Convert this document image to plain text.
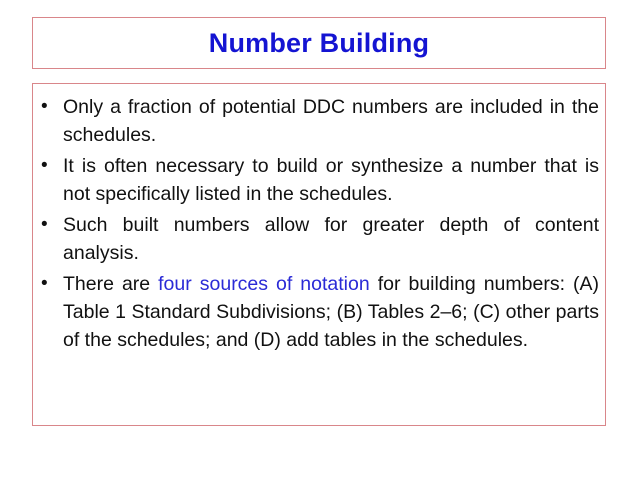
Number Building
• Only a fraction of potential DDC numbers are included in the schedules.
• It is often necessary to build or synthesize a number that is not specifically listed in the schedules.
• Such built numbers allow for greater depth of content analysis.
• There are four sources of notation for building numbers: (A) Table 1 Standard Subdivisions; (B) Tables 2–6; (C) other parts of the schedules; and (D) add tables in the schedules.
